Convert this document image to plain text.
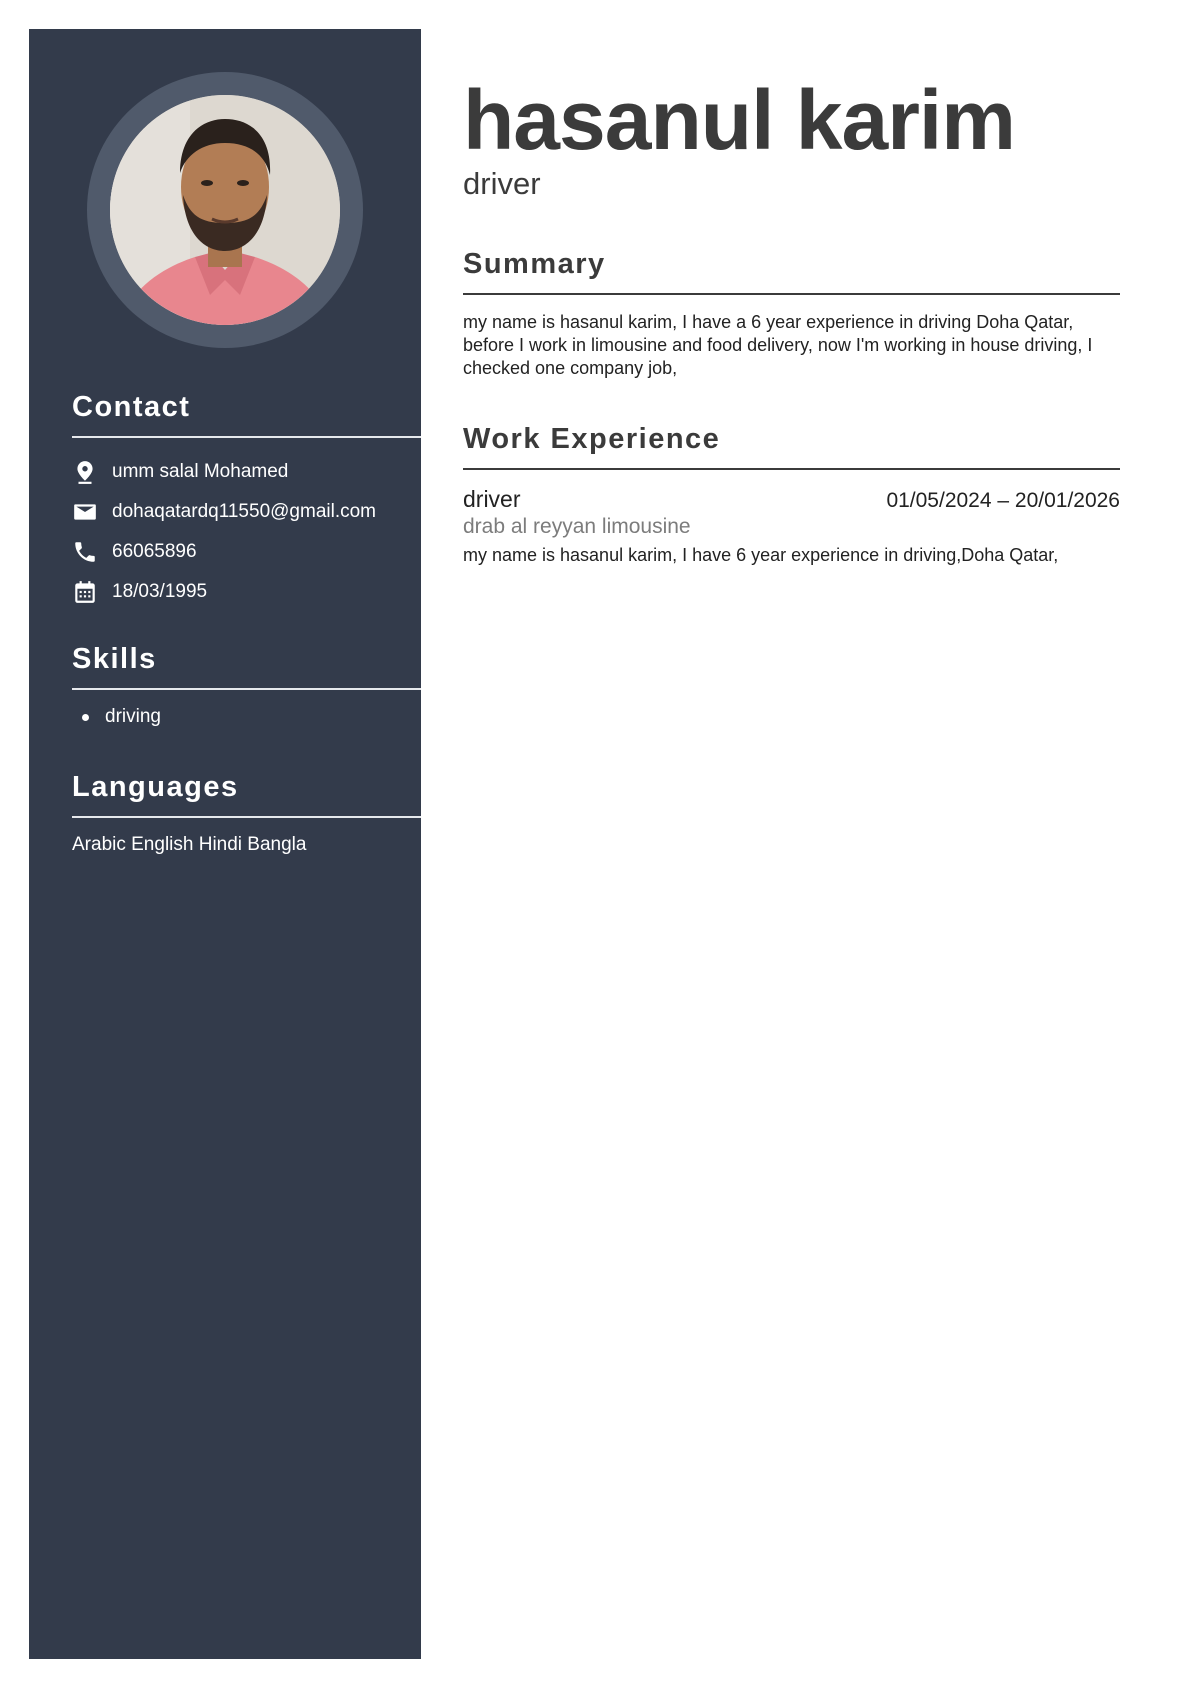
Contact
umm salal Mohamed
dohaqatardq11550@gmail.com
66065896
18/03/1995
Skills
driving
Languages

Arabic English Hindi Bangla

hasanul karim
driver
Summary

my name is hasanul karim, I have a 6 year experience in driving Doha Qatar, before I work in limousine and food delivery, now I'm working in house driving, I checked one company job,

Work Experience
driver	01/05/2024 – 20/01/2026
drab al reyyan limousine

my name is hasanul karim, I have 6 year experience in driving,Doha Qatar,
